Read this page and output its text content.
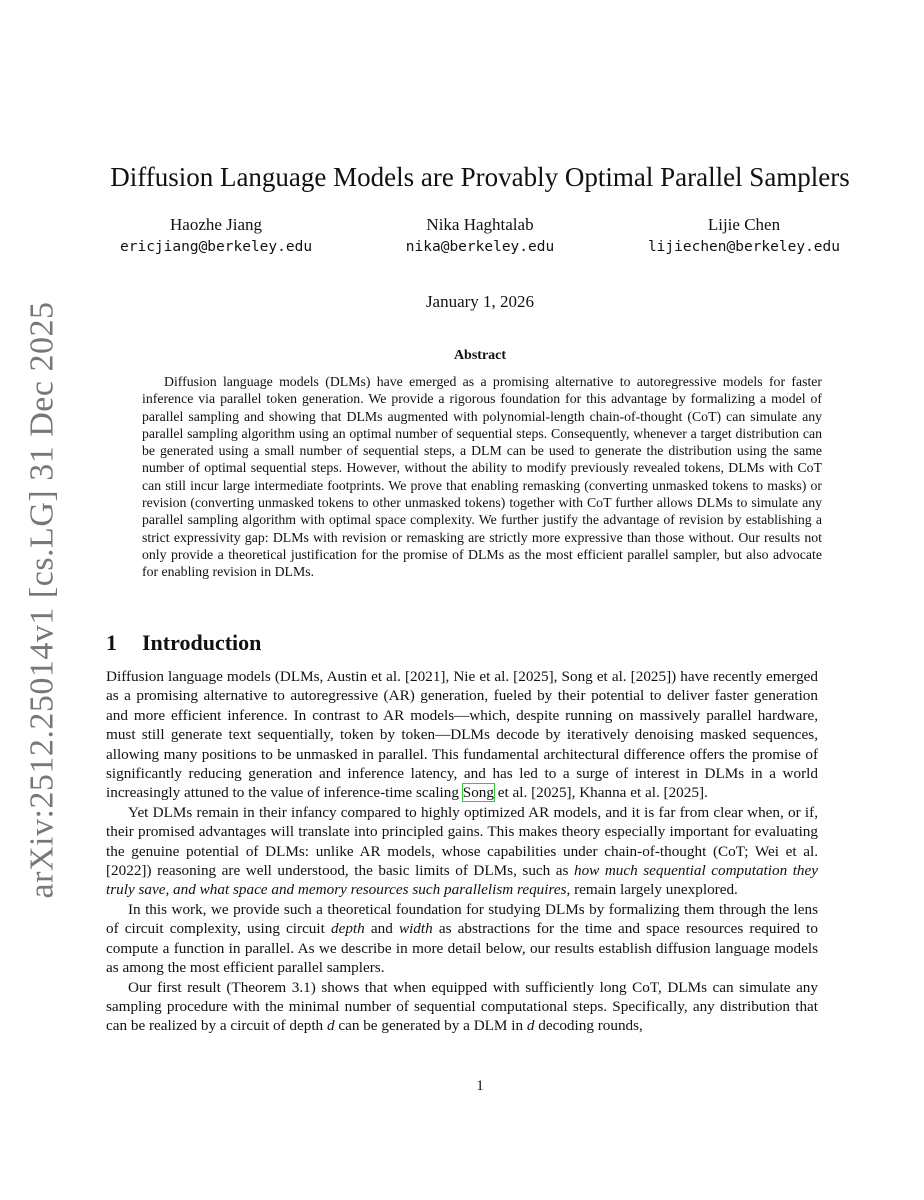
arXiv:2512.25014v1 [cs.LG] 31 Dec 2025
Diffusion Language Models are Provably Optimal Parallel Samplers
Haozhe Jiang
ericjiang@berkeley.edu
Nika Haghtalab
nika@berkeley.edu
Lijie Chen
lijiechen@berkeley.edu
January 1, 2026
Abstract

Diffusion language models (DLMs) have emerged as a promising alternative to autoregressive models for faster inference via parallel token generation. We provide a rigorous foundation for this advantage by formalizing a model of parallel sampling and showing that DLMs augmented with polynomial-length chain-of-thought (CoT) can simulate any parallel sampling algorithm using an optimal number of sequential steps. Consequently, whenever a target distribution can be generated using a small number of sequential steps, a DLM can be used to generate the distribution using the same number of optimal sequential steps. However, without the ability to modify previously revealed tokens, DLMs with CoT can still incur large intermediate footprints. We prove that enabling remasking (converting unmasked tokens to masks) or revision (converting unmasked tokens to other unmasked tokens) together with CoT further allows DLMs to simulate any parallel sampling algorithm with optimal space complexity. We further justify the advantage of revision by establishing a strict expressivity gap: DLMs with revision or remasking are strictly more expressive than those without. Our results not only provide a theoretical justification for the promise of DLMs as the most efficient parallel sampler, but also advocate for enabling revision in DLMs.

1 Introduction

Diffusion language models (DLMs, Austin et al. [2021], Nie et al. [2025], Song et al. [2025]) have recently emerged as a promising alternative to autoregressive (AR) generation, fueled by their potential to deliver faster generation and more efficient inference. In contrast to AR models—which, despite running on massively parallel hardware, must still generate text sequentially, token by token—DLMs decode by iteratively denoising masked sequences, allowing many positions to be unmasked in parallel. This fundamental architectural difference offers the promise of significantly reducing generation and inference latency, and has led to a surge of interest in DLMs in a world increasingly attuned to the value of inference-time scaling Song et al. [2025], Khanna et al. [2025].

Yet DLMs remain in their infancy compared to highly optimized AR models, and it is far from clear when, or if, their promised advantages will translate into principled gains. This makes theory especially important for evaluating the genuine potential of DLMs: unlike AR models, whose capabilities under chain-of-thought (CoT; Wei et al. [2022]) reasoning are well understood, the basic limits of DLMs, such as how much sequential computation they truly save, and what space and memory resources such parallelism requires, remain largely unexplored.

In this work, we provide such a theoretical foundation for studying DLMs by formalizing them through the lens of circuit complexity, using circuit depth and width as abstractions for the time and space resources required to compute a function in parallel. As we describe in more detail below, our results establish diffusion language models as among the most efficient parallel samplers.

Our first result (Theorem 3.1) shows that when equipped with sufficiently long CoT, DLMs can simulate any sampling procedure with the minimal number of sequential computational steps. Specifically, any distribution that can be realized by a circuit of depth d can be generated by a DLM in d decoding rounds,

1
